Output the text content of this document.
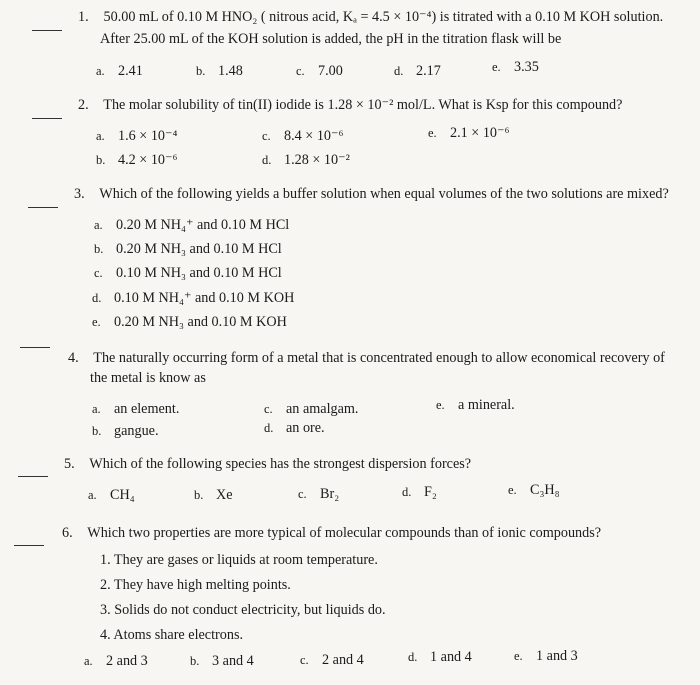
1. 50.00 mL of 0.10 M HNO₂ ( nitrous acid, Kₐ = 4.5 × 10⁻⁴) is titrated with a 0.10 M KOH solution.
After 25.00 mL of the KOH solution is added, the pH in the titration flask will be
a. 2.41	b. 1.48	c. 7.00	d. 2.17	e. 3.35
2. The molar solubility of tin(II) iodide is 1.28 × 10⁻² mol/L. What is Ksp for this compound?
a. 1.6 × 10⁻⁴	c. 8.4 × 10⁻⁶	e. 2.1 × 10⁻⁶
b. 4.2 × 10⁻⁶	d. 1.28 × 10⁻²
3. Which of the following yields a buffer solution when equal volumes of the two solutions are mixed?
a. 0.20 M NH₄⁺ and 0.10 M HCl
b. 0.20 M NH₃ and 0.10 M HCl
c. 0.10 M NH₃ and 0.10 M HCl
d. 0.10 M NH₄⁺ and 0.10 M KOH
e. 0.20 M NH₃ and 0.10 M KOH
4. The naturally occurring form of a metal that is concentrated enough to allow economical recovery of
the metal is know as
a. an element.	c. an amalgam.	e. a mineral.
b. gangue.	d. an ore.
5. Which of the following species has the strongest dispersion forces?
a. CH₄	b. Xe	c. Br₂	d. F₂	e. C₃H₈
6. Which two properties are more typical of molecular compounds than of ionic compounds?
1. They are gases or liquids at room temperature.
2. They have high melting points.
3. Solids do not conduct electricity, but liquids do.
4. Atoms share electrons.
a. 2 and 3	b. 3 and 4	c. 2 and 4	d. 1 and 4	e. 1 and 3
